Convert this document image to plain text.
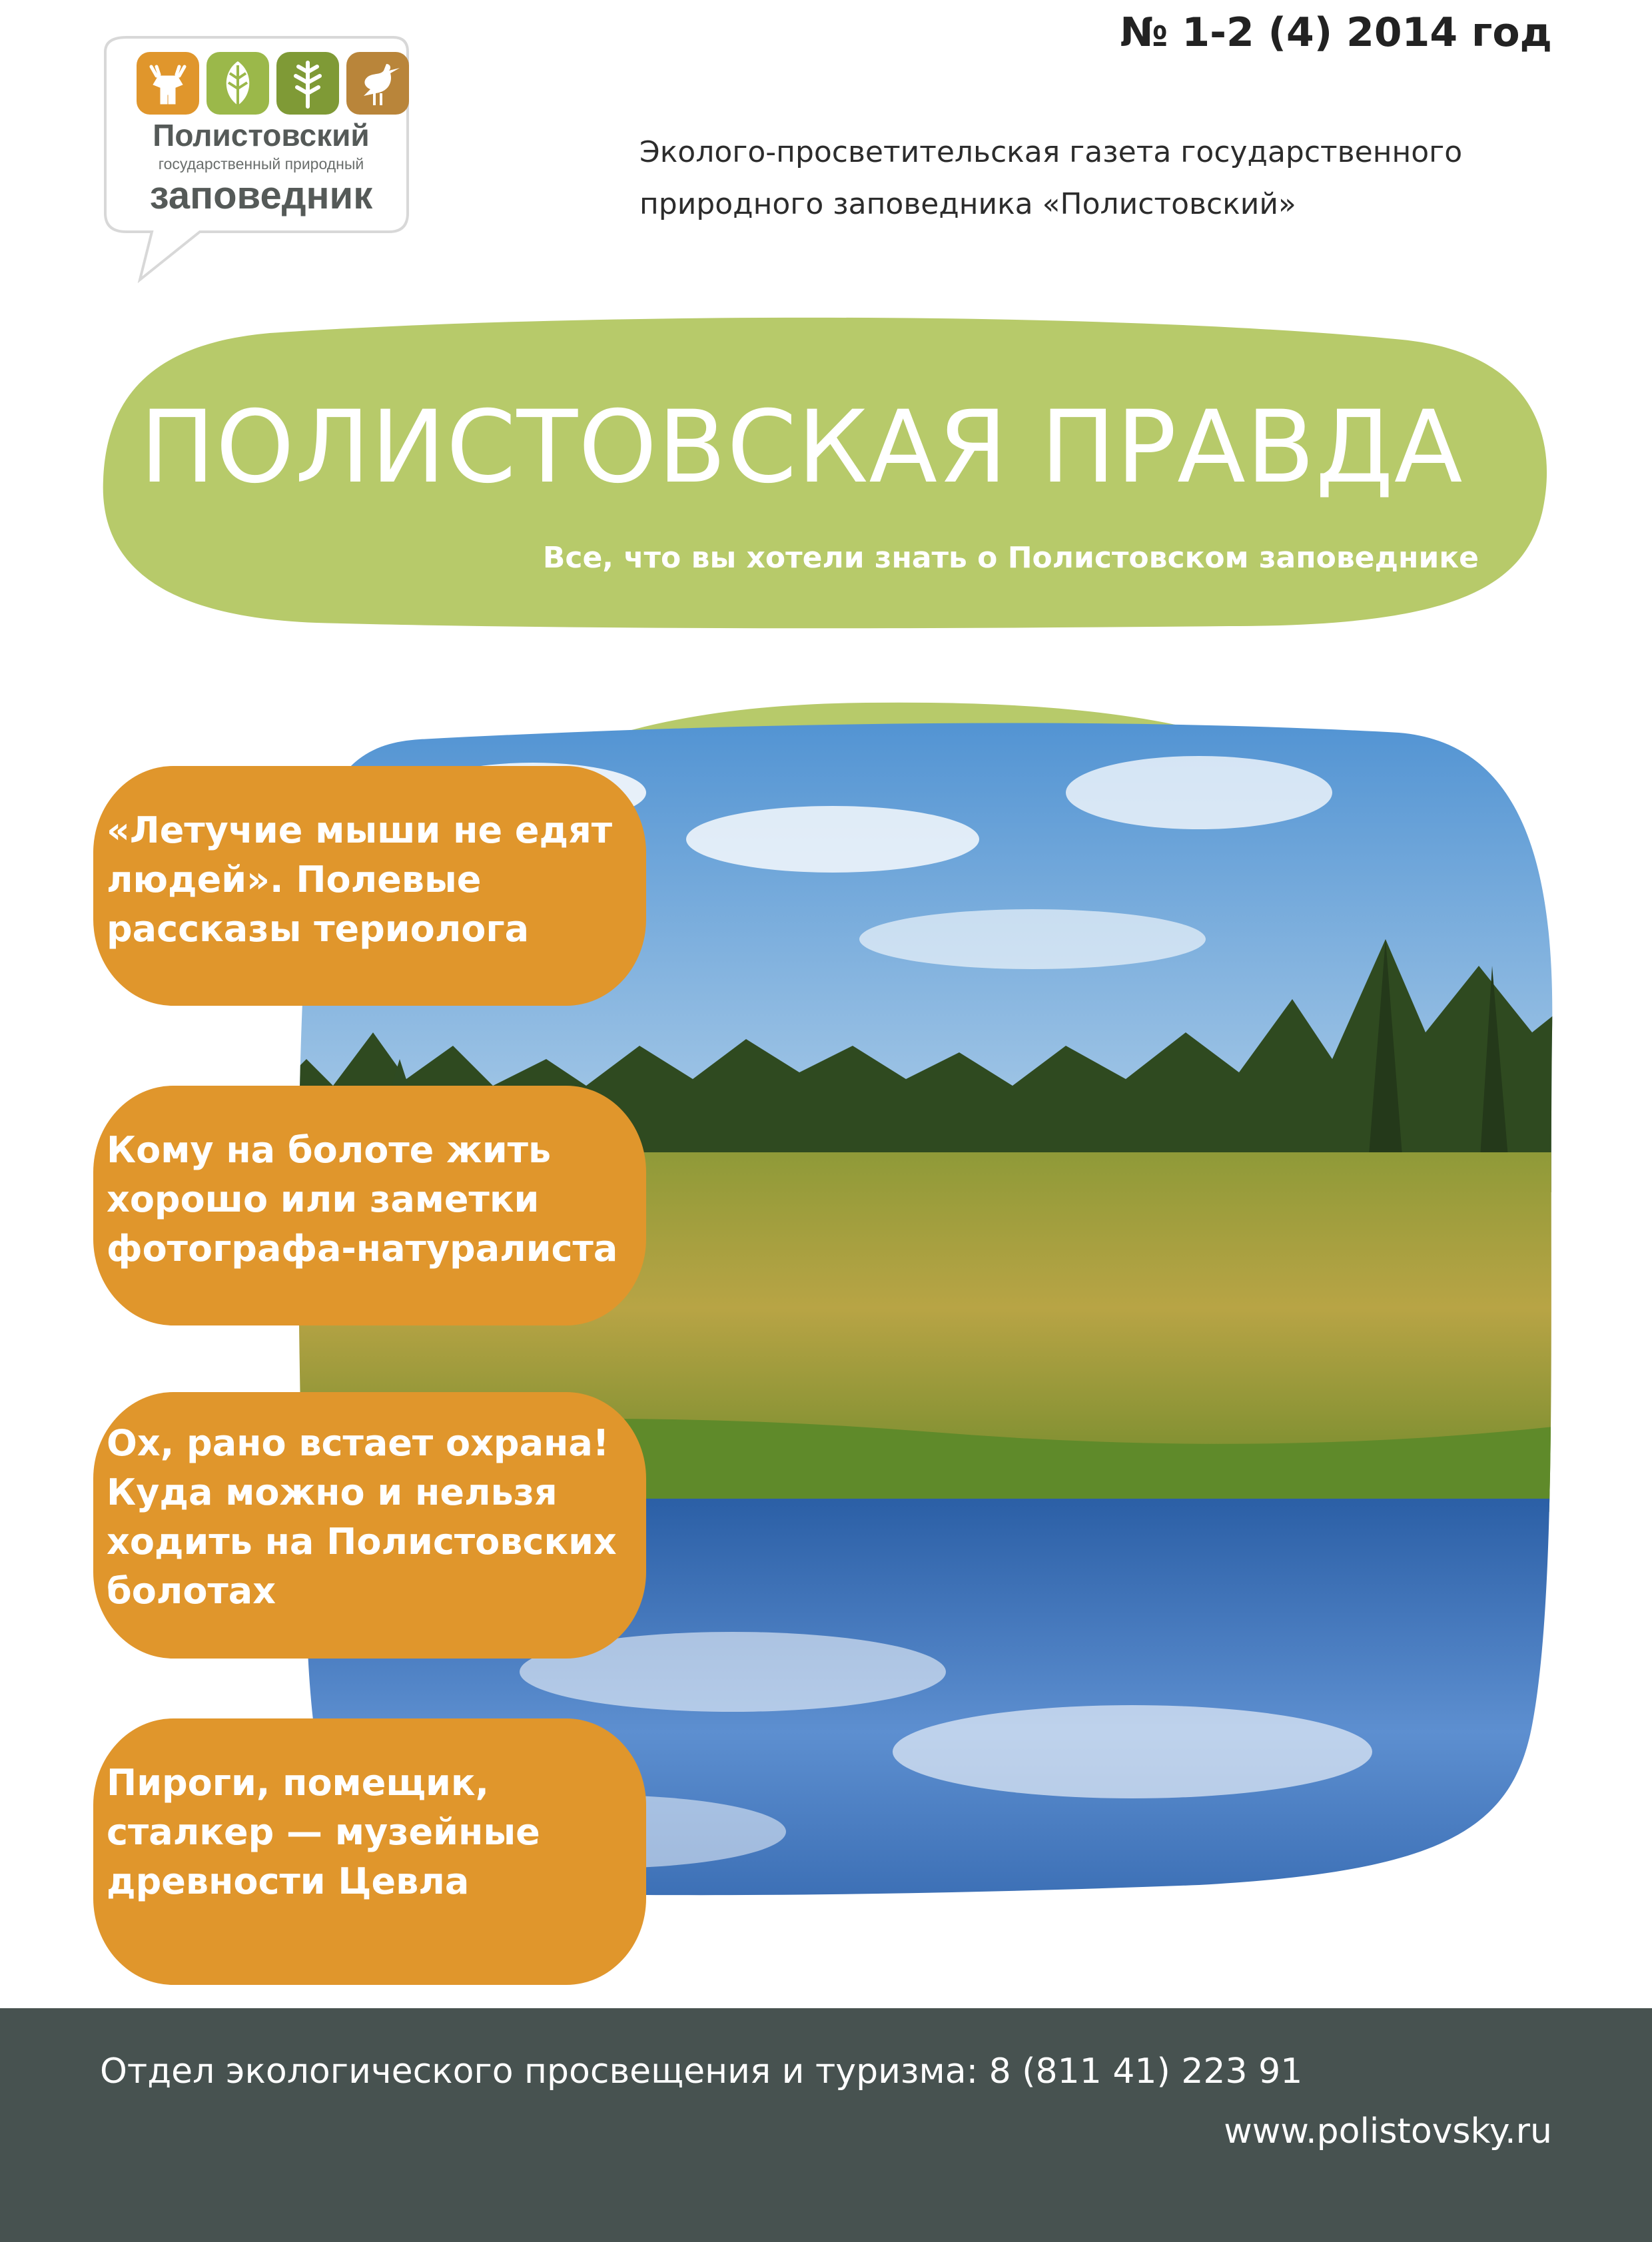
Полистовский
государственный природный
заповедник
№ 1-2 (4) 2014 год
Эколого-просветительская газета государственного
природного заповедника «Полистовский»
ПОЛИСТОВСКАЯ ПРАВДА
Все, что вы хотели знать о Полистовском заповеднике
«Летучие мыши не едят людей». Полевые рассказы териолога
Кому на болоте жить хорошо или заметки фотографа-натуралиста
Ох, рано встает охрана! Куда можно и нельзя ходить на Полистовских болотах
Пироги, помещик, сталкер — музейные древности Цевла
Отдел экологического просвещения и туризма: 8 (811 41) 223 91
www.polistovsky.ru
